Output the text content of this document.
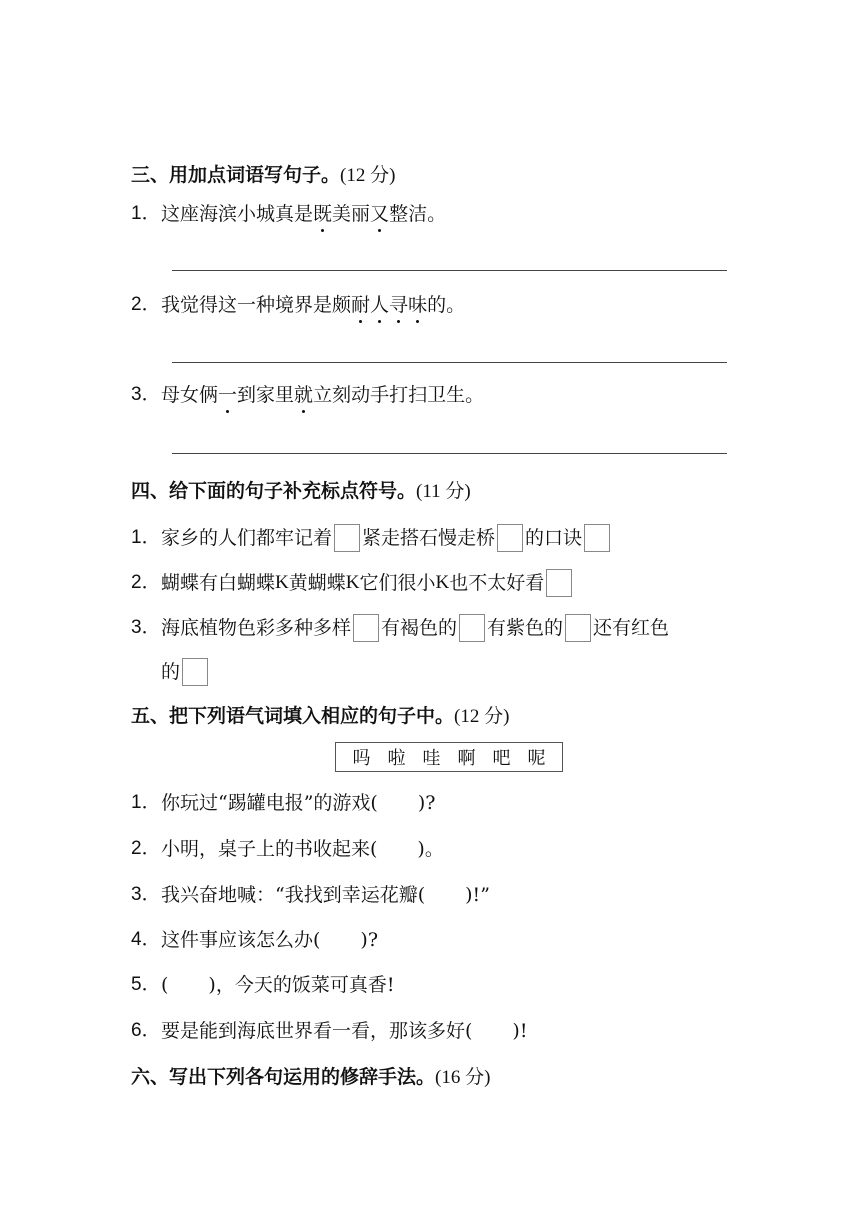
三、用加点词语写句子。(12 分)
1． 这座海滨小城真是 既 美丽 又 整洁。
2． 我觉得这一种境界是颇 耐 人 寻 味 的。
3． 母女俩 一 到家里 就 立刻动手打扫卫生。
四、给下面的句子补充标点符号。(11 分)
1． 家乡的人们都牢记着 紧走搭石慢走桥 的口诀
2． 蝴蝶有白蝴蝶 K 黄蝴蝶 K 它们很小 K 也不太好看
3． 海底植物色彩多种多样 有褐色的 有紫色的 还有红色
的
五、把下列语气词填入相应的句子中。(12 分)
吗 啦 哇 啊 吧 呢
1． 你玩过“踢罐电报”的游戏( )?
2． 小明，桌子上的书收起来( )。
3． 我兴奋地喊：“我找到幸运花瓣( )!”
4． 这件事应该怎么办( )?
5． ( )，今天的饭菜可真香!
6． 要是能到海底世界看一看，那该多好( )!
六、写出下列各句运用的修辞手法。(16 分)
